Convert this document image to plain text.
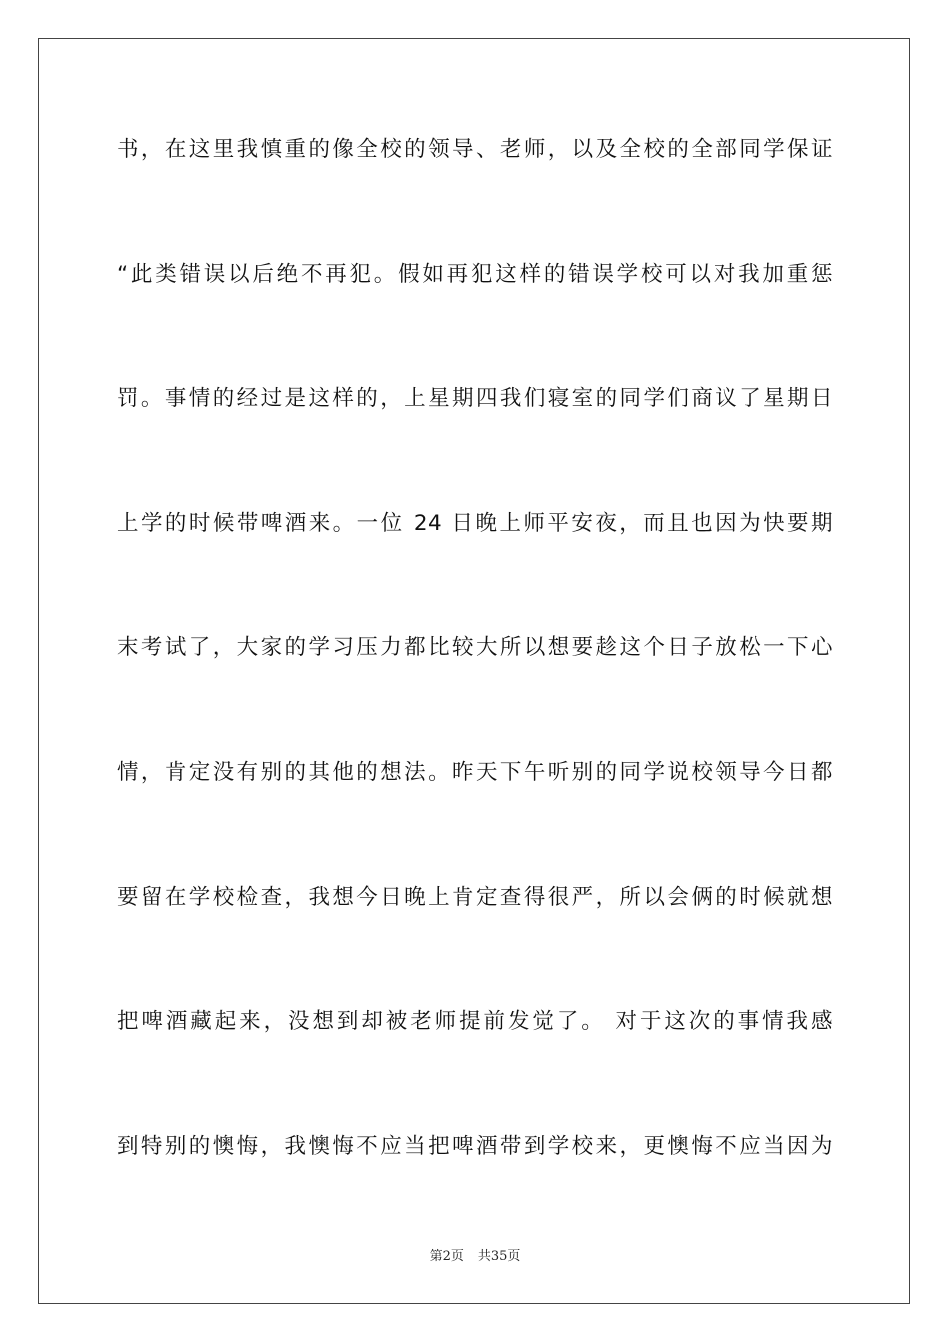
书，在这里我慎重的像全校的领导、老师，以及全校的全部同学保证
“此类错误以后绝不再犯。假如再犯这样的错误学校可以对我加重惩
罚。事情的经过是这样的，上星期四我们寝室的同学们商议了星期日
上学的时候带啤酒来。一位 24 日晚上师平安夜，而且也因为快要期
末考试了，大家的学习压力都比较大所以想要趁这个日子放松一下心
情，肯定没有别的其他的想法。昨天下午听别的同学说校领导今日都
要留在学校检查，我想今日晚上肯定查得很严，所以会俩的时候就想
把啤酒藏起来，没想到却被老师提前发觉了。 对于这次的事情我感
到特别的懊悔，我懊悔不应当把啤酒带到学校来，更懊悔不应当因为
第2页 共35页
